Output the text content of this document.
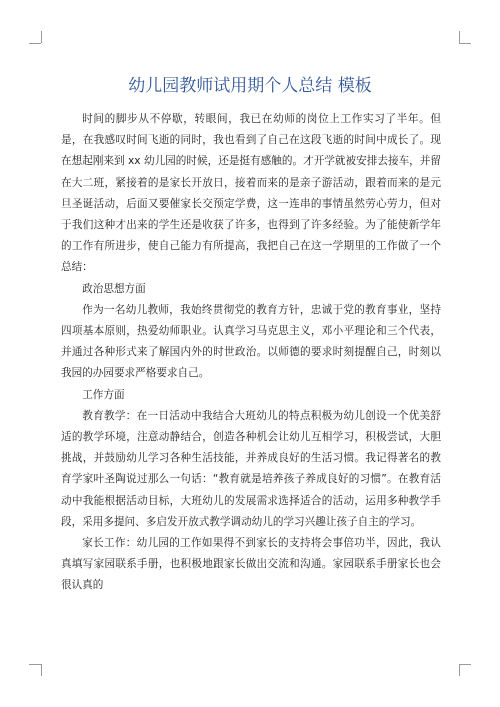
幼儿园教师试用期个人总结 模板

时间的脚步从不停歇，转眼间，我已在幼师的岗位上工作实习了半年。但是，在我感叹时间飞逝的同时，我也看到了自己在这段飞逝的时间中成长了。现在想起刚来到 xx 幼儿园的时候，还是挺有感触的。才开学就被安排去接车，并留在大二班，紧接着的是家长开放日，接着而来的是亲子游活动，跟着而来的是元旦圣诞活动，后面又要催家长交预定学费，这一连串的事情虽然劳心劳力，但对于我们这种才出来的学生还是收获了许多，也得到了许多经验。为了能使新学年的工作有所进步，使自己能力有所提高，我把自己在这一学期里的工作做了一个总结：

政治思想方面

作为一名幼儿教师，我始终贯彻党的教育方针，忠诚于党的教育事业，坚持四项基本原则，热爱幼师职业。认真学习马克思主义，邓小平理论和三个代表，并通过各种形式来了解国内外的时世政治。以师德的要求时刻提醒自己，时刻以我园的办园要求严格要求自己。

工作方面

教育教学：在一日活动中我结合大班幼儿的特点积极为幼儿创设一个优美舒适的教学环境，注意动静结合，创造各种机会让幼儿互相学习，积极尝试，大胆挑战，并鼓励幼儿学习各种生活技能，并养成良好的生活习惯。我记得著名的教育学家叶圣陶说过那么一句话：“教育就是培养孩子养成良好的习惯”。在教育活动中我能根据活动目标，大班幼儿的发展需求选择适合的活动，运用多种教学手段，采用多提问、多启发开放式教学调动幼儿的学习兴趣让孩子自主的学习。

家长工作：幼儿园的工作如果得不到家长的支持将会事倍功半，因此，我认真填写家园联系手册，也积极地跟家长做出交流和沟通。家园联系手册家长也会很认真的
